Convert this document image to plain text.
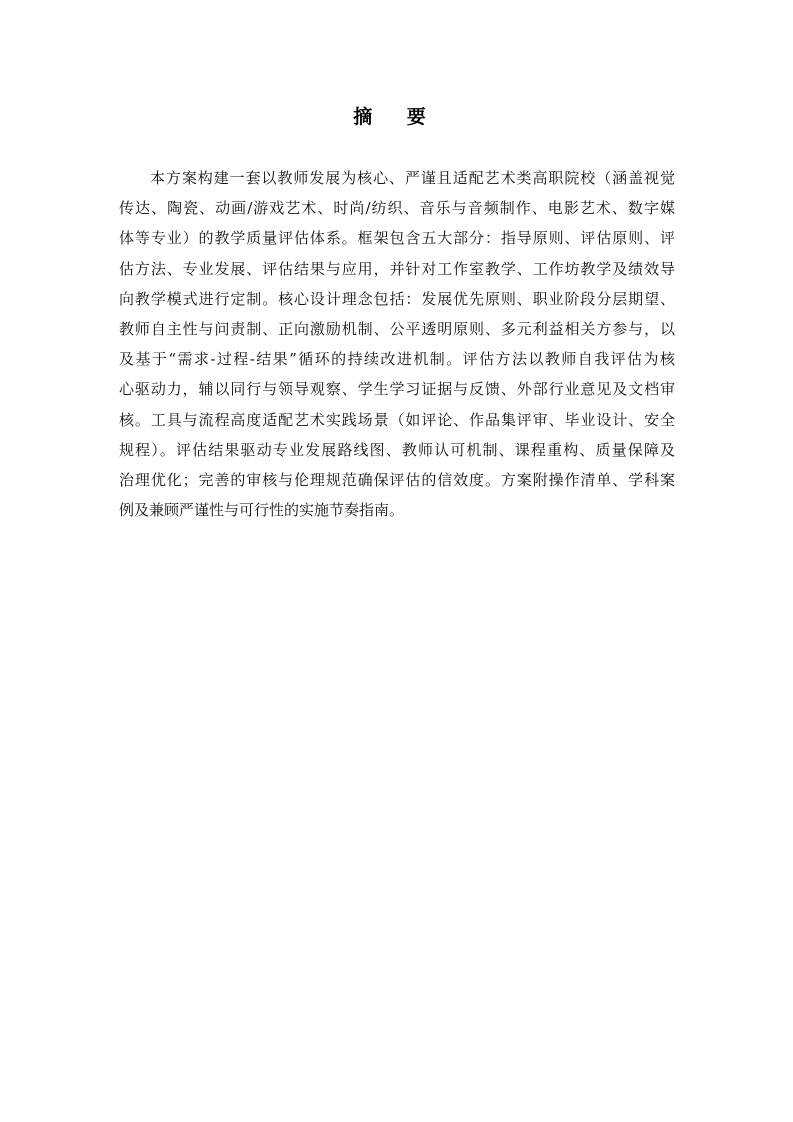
摘 要
本方案构建一套以教师发展为核心、严谨且适配艺术类高职院校（涵盖视觉
传达、陶瓷、动画/游戏艺术、时尚/纺织、音乐与音频制作、电影艺术、数字媒
体等专业）的教学质量评估体系。框架包含五大部分：指导原则、评估原则、评
估方法、专业发展、评估结果与应用，并针对工作室教学、工作坊教学及绩效导
向教学模式进行定制。核心设计理念包括：发展优先原则、职业阶段分层期望、
教师自主性与问责制、正向激励机制、公平透明原则、多元利益相关方参与，以
及基于“需求-过程-结果”循环的持续改进机制。评估方法以教师自我评估为核
心驱动力，辅以同行与领导观察、学生学习证据与反馈、外部行业意见及文档审
核。工具与流程高度适配艺术实践场景（如评论、作品集评审、毕业设计、安全
规程）。评估结果驱动专业发展路线图、教师认可机制、课程重构、质量保障及
治理优化；完善的审核与伦理规范确保评估的信效度。方案附操作清单、学科案
例及兼顾严谨性与可行性的实施节奏指南。
